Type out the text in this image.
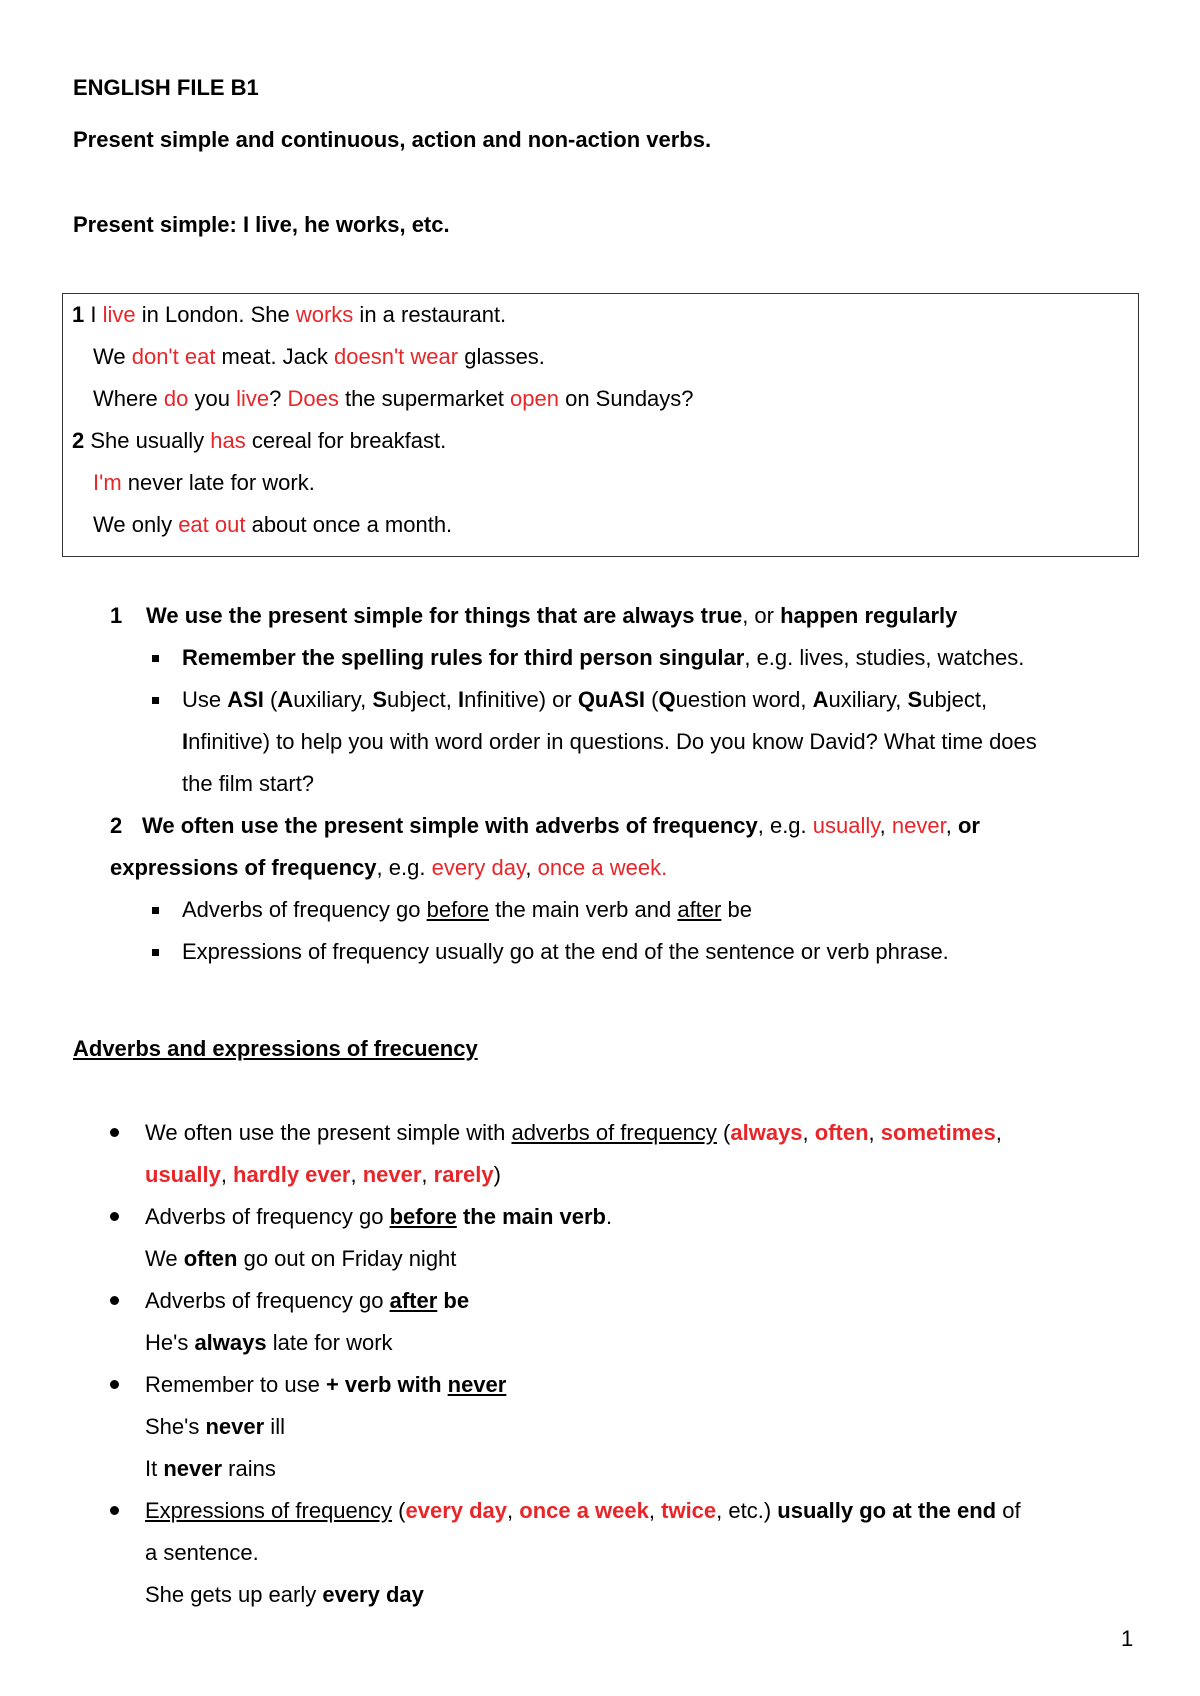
ENGLISH FILE B1
Present simple and continuous, action and non-action verbs.
Present simple: I live, he works, etc.
1 I live in London. She works in a restaurant.
We don't eat meat. Jack doesn't wear glasses.
Where do you live? Does the supermarket open on Sundays?
2 She usually has cereal for breakfast.
I'm never late for work.
We only eat out about once a month.
1 We use the present simple for things that are always true, or happen regularly
Remember the spelling rules for third person singular, e.g. lives, studies, watches.
Use ASI (Auxiliary, Subject, Infinitive) or QuASI (Question word, Auxiliary, Subject,
Infinitive) to help you with word order in questions. Do you know David? What time does
the film start?
2 We often use the present simple with adverbs of frequency, e.g. usually, never, or
expressions of frequency, e.g. every day, once a week.
Adverbs of frequency go before the main verb and after be
Expressions of frequency usually go at the end of the sentence or verb phrase.
Adverbs and expressions of frecuency
We often use the present simple with adverbs of frequency (always, often, sometimes,
usually, hardly ever, never, rarely)
Adverbs of frequency go before the main verb.
We often go out on Friday night
Adverbs of frequency go after be
He's always late for work
Remember to use + verb with never
She's never ill
It never rains
Expressions of frequency (every day, once a week, twice, etc.) usually go at the end of
a sentence.
She gets up early every day
1
